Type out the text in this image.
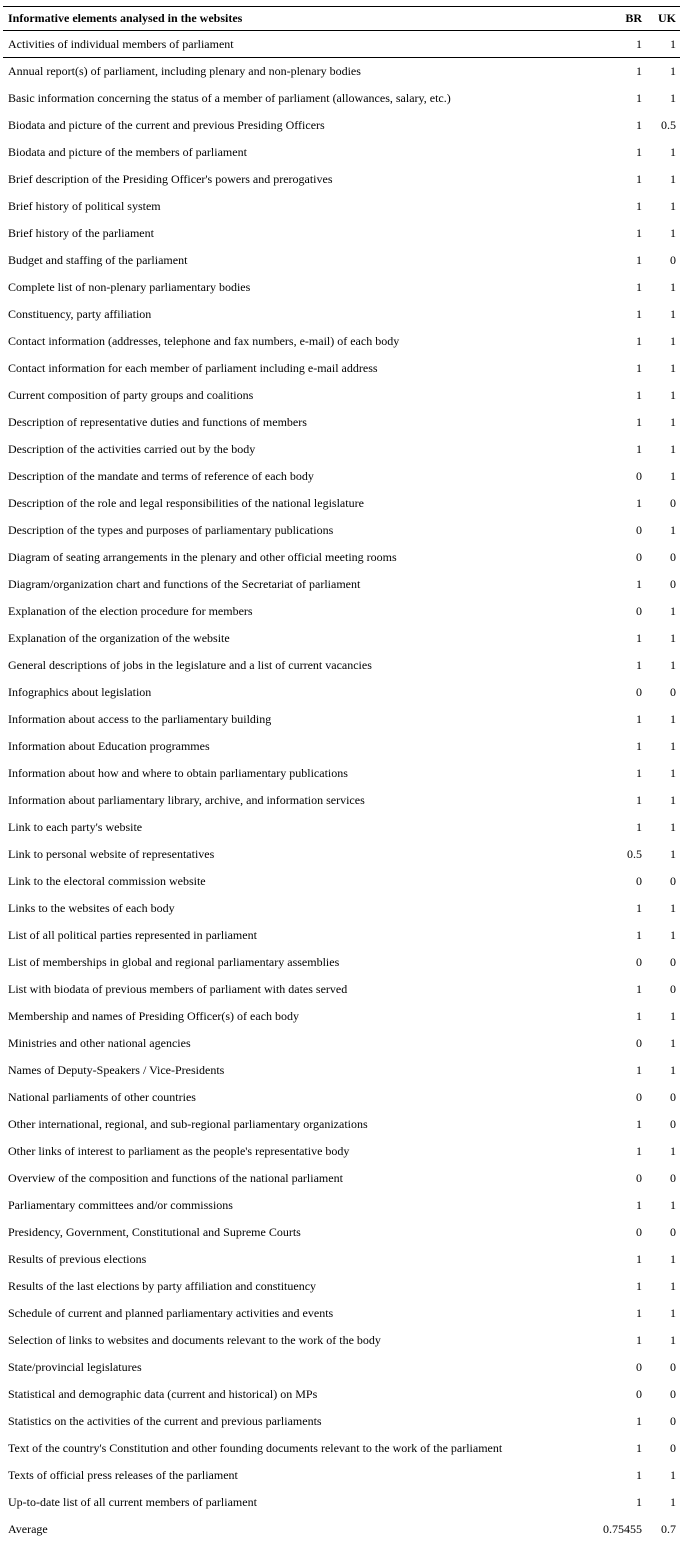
Informative elements analysed in the websites	BR	UK
Activities of individual members of parliament	1	1
Annual report(s) of parliament, including plenary and non-plenary bodies	1	1
Basic information concerning the status of a member of parliament (allowances, salary, etc.)	1	1
Biodata and picture of the current and previous Presiding Officers	1	0.5
Biodata and picture of the members of parliament	1	1
Brief description of the Presiding Officer's powers and prerogatives	1	1
Brief history of political system	1	1
Brief history of the parliament	1	1
Budget and staffing of the parliament	1	0
Complete list of non-plenary parliamentary bodies	1	1
Constituency, party affiliation	1	1
Contact information (addresses, telephone and fax numbers, e-mail) of each body	1	1
Contact information for each member of parliament including e-mail address	1	1
Current composition of party groups and coalitions	1	1
Description of representative duties and functions of members	1	1
Description of the activities carried out by the body	1	1
Description of the mandate and terms of reference of each body	0	1
Description of the role and legal responsibilities of the national legislature	1	0
Description of the types and purposes of parliamentary publications	0	1
Diagram of seating arrangements in the plenary and other official meeting rooms	0	0
Diagram/organization chart and functions of the Secretariat of parliament	1	0
Explanation of the election procedure for members	0	1
Explanation of the organization of the website	1	1
General descriptions of jobs in the legislature and a list of current vacancies	1	1
Infographics about legislation	0	0
Information about access to the parliamentary building	1	1
Information about Education programmes	1	1
Information about how and where to obtain parliamentary publications	1	1
Information about parliamentary library, archive, and information services	1	1
Link to each party's website	1	1
Link to personal website of representatives	0.5	1
Link to the electoral commission website	0	0
Links to the websites of each body	1	1
List of all political parties represented in parliament	1	1
List of memberships in global and regional parliamentary assemblies	0	0
List with biodata of previous members of parliament with dates served	1	0
Membership and names of Presiding Officer(s) of each body	1	1
Ministries and other national agencies	0	1
Names of Deputy-Speakers / Vice-Presidents	1	1
National parliaments of other countries	0	0
Other international, regional, and sub-regional parliamentary organizations	1	0
Other links of interest to parliament as the people's representative body	1	1
Overview of the composition and functions of the national parliament	0	0
Parliamentary committees and/or commissions	1	1
Presidency, Government, Constitutional and Supreme Courts	0	0
Results of previous elections	1	1
Results of the last elections by party affiliation and constituency	1	1
Schedule of current and planned parliamentary activities and events	1	1
Selection of links to websites and documents relevant to the work of the body	1	1
State/provincial legislatures	0	0
Statistical and demographic data (current and historical) on MPs	0	0
Statistics on the activities of the current and previous parliaments	1	0
Text of the country's Constitution and other founding documents relevant to the work of the parliament	1	0
Texts of official press releases of the parliament	1	1
Up-to-date list of all current members of parliament	1	1
Average	0.75455	0.7
